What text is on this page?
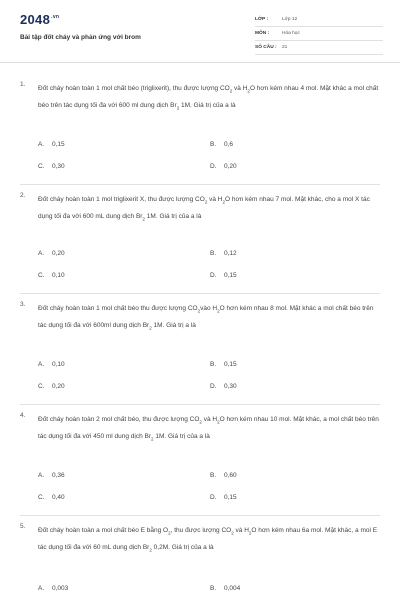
$2048^{.vn}$
Bài tập đốt cháy và phản ứng với brom
LỚP :	Lớp 12
MÔN :	Hóa học
SỐ CÂU : 21
1.
Đốt cháy hoàn toàn 1 mol chất béo (triglixerit), thu được lượng $CO_2$ và $H_2O$ hơn kém nhau 4 mol. Mặt khác a mol chất béo trên tác dụng tối đa với 600 ml dung dịch $Br_2$ 1M. Giá trị của a là
A. 0,15	B. 0,6
C. 0,30	D. 0,20
2.
Đốt cháy hoàn toàn 1 mol triglixerit X, thu được lượng $CO_2$ và $H_2O$ hơn kém nhau 7 mol. Mặt khác, cho a mol X tác dụng tối đa với 600 mL dung dịch $Br_2$ 1M. Giá trị của a là
A. 0,20	B. 0,12
C. 0,10	D. 0,15
3.
Đốt cháy hoàn toàn 1 mol chất béo thu được lượng $CO_2vào$ $H_2O$ hơn kém nhau 8 mol. Mặt khác a mol chất béo trên tác dụng tối đa với 600ml dung dịch $Br_2$ 1M. Giá trị a là
A. 0,10	B. 0,15
C. 0,20	D. 0,30
4.
Đốt cháy hoàn toàn 2 mol chất béo, thu được lượng $CO_2$ và $H_2O$ hơn kém nhau 10 mol. Mặt khác, a mol chất béo trên tác dụng tối đa với 450 ml dung dịch $Br_2$ 1M. Giá trị của a là
A. 0,36	B. 0,60
C. 0,40	D. 0,15
5.
Đốt cháy hoàn toàn a mol chất béo E bằng $O_2$, thu được lượng $CO_2$ và $H_2O$ hơn kém nhau 6a mol. Mặt khác, a mol E tác dụng tối đa với 60 mL dung dịch $Br_2$ 0,2M. Giá trị của a là
A. 0,003	B. 0,004
